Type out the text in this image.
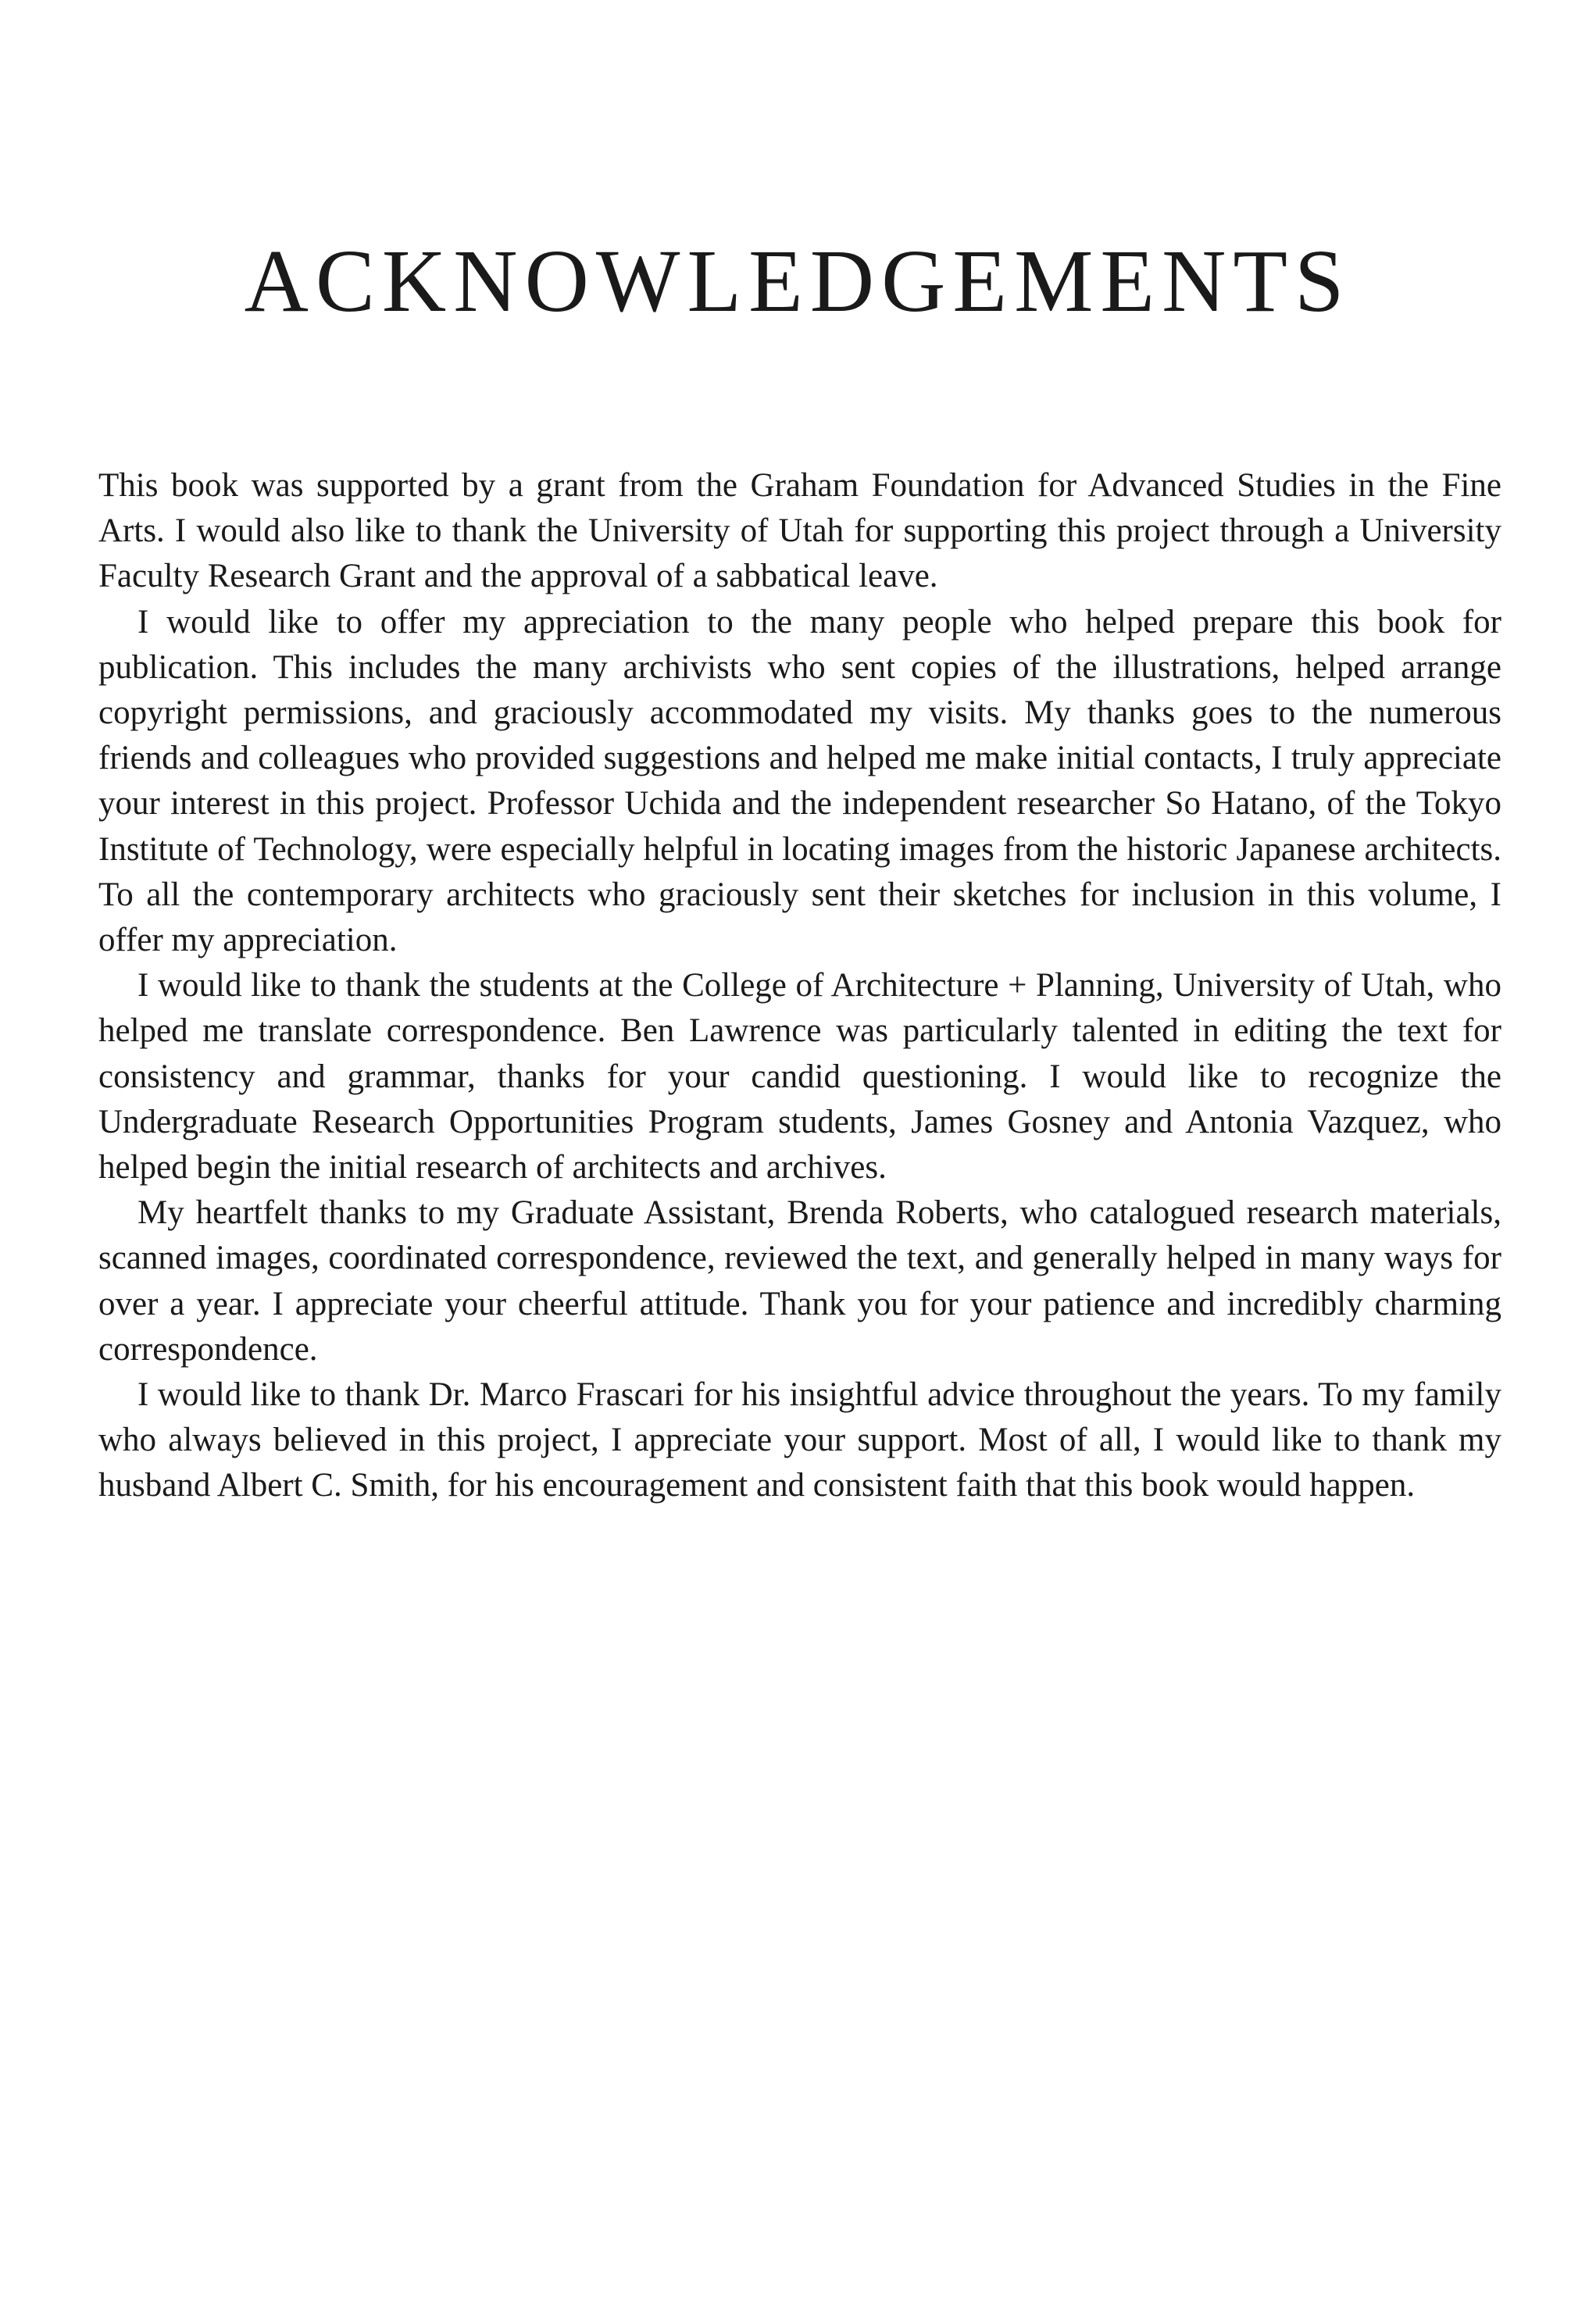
ACKNOWLEDGEMENTS

This book was supported by a grant from the Graham Foundation for Advanced Studies in the Fine Arts. I would also like to thank the University of Utah for supporting this project through a University Faculty Research Grant and the approval of a sabbatical leave.

I would like to offer my appreciation to the many people who helped prepare this book for publication. This includes the many archivists who sent copies of the illustrations, helped arrange copyright permissions, and graciously accommodated my visits. My thanks goes to the numerous friends and colleagues who provided suggestions and helped me make initial contacts, I truly appreciate your interest in this project. Professor Uchida and the independent researcher So Hatano, of the Tokyo Institute of Technology, were especially helpful in locating images from the historic Japanese architects. To all the contemporary architects who graciously sent their sketches for inclusion in this volume, I offer my appreciation.

I would like to thank the students at the College of Architecture + Planning, University of Utah, who helped me translate correspondence. Ben Lawrence was particularly talented in editing the text for consistency and grammar, thanks for your candid questioning. I would like to recognize the Undergraduate Research Opportunities Program students, James Gosney and Antonia Vazquez, who helped begin the initial research of architects and archives.

My heartfelt thanks to my Graduate Assistant, Brenda Roberts, who catalogued research materials, scanned images, coordinated correspondence, reviewed the text, and generally helped in many ways for over a year. I appreciate your cheerful attitude. Thank you for your patience and incredibly charming correspondence.

I would like to thank Dr. Marco Frascari for his insightful advice throughout the years. To my family who always believed in this project, I appreciate your support. Most of all, I would like to thank my husband Albert C. Smith, for his encouragement and consistent faith that this book would happen.
